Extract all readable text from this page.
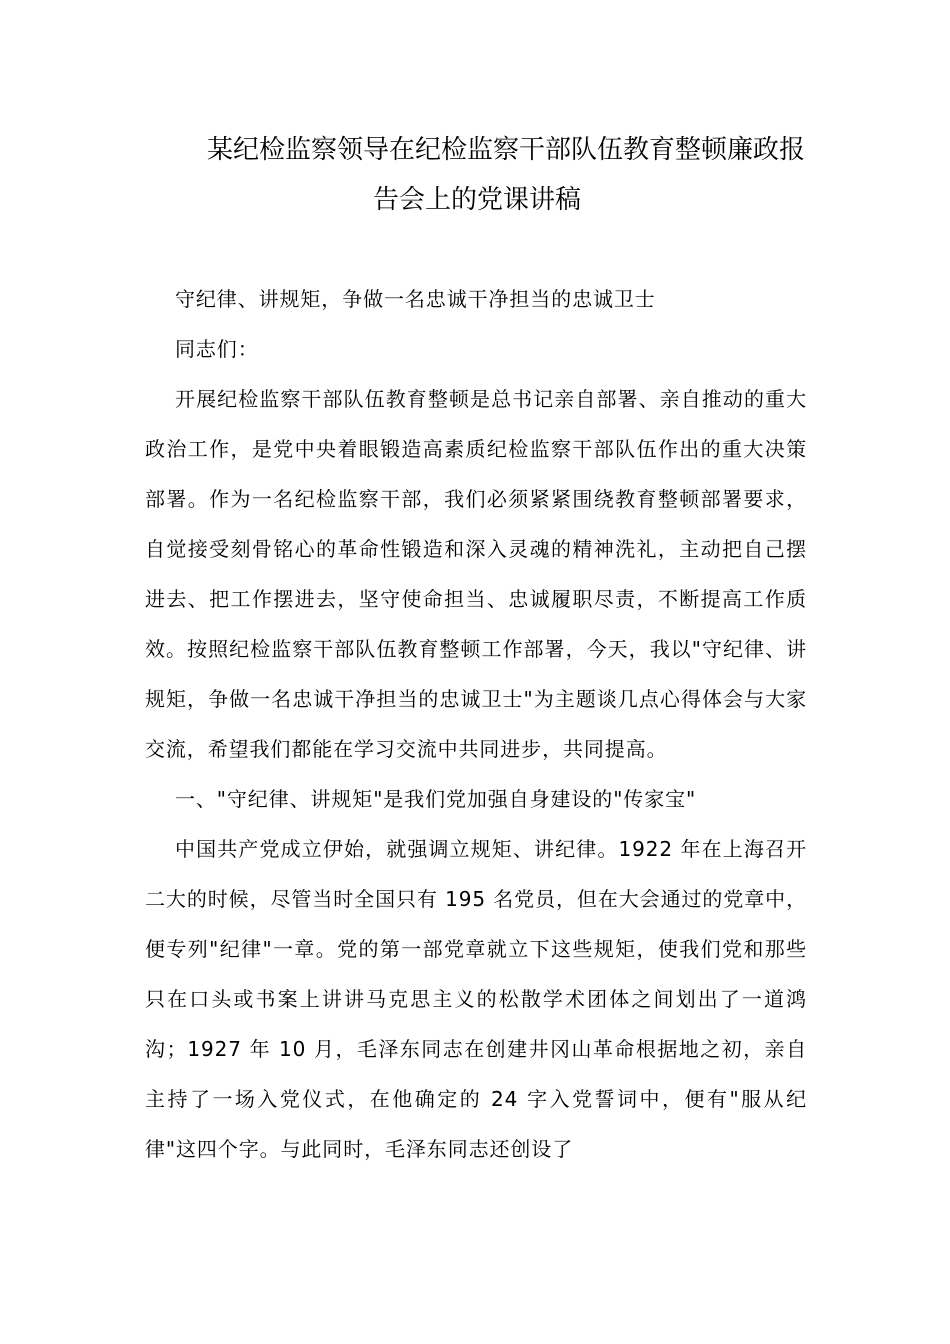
某纪检监察领导在纪检监察干部队伍教育整顿廉政报
告会上的党课讲稿

守纪律、讲规矩，争做一名忠诚干净担当的忠诚卫士

同志们：

开展纪检监察干部队伍教育整顿是总书记亲自部署、亲自推动的重大政治工作，是党中央着眼锻造高素质纪检监察干部队伍作出的重大决策部署。作为一名纪检监察干部，我们必须紧紧围绕教育整顿部署要求，自觉接受刻骨铭心的革命性锻造和深入灵魂的精神洗礼，主动把自己摆进去、把工作摆进去，坚守使命担当、忠诚履职尽责，不断提高工作质效。按照纪检监察干部队伍教育整顿工作部署，今天，我以"守纪律、讲规矩，争做一名忠诚干净担当的忠诚卫士"为主题谈几点心得体会与大家交流，希望我们都能在学习交流中共同进步，共同提高。

一、"守纪律、讲规矩"是我们党加强自身建设的"传家宝"

中国共产党成立伊始，就强调立规矩、讲纪律。1922 年在上海召开二大的时候，尽管当时全国只有 195 名党员，但在大会通过的党章中，便专列"纪律"一章。党的第一部党章就立下这些规矩，使我们党和那些只在口头或书案上讲讲马克思主义的松散学术团体之间划出了一道鸿沟；1927 年 10 月，毛泽东同志在创建井冈山革命根据地之初，亲自主持了一场入党仪式，在他确定的 24 字入党誓词中，便有"服从纪律"这四个字。与此同时，毛泽东同志还创设了
